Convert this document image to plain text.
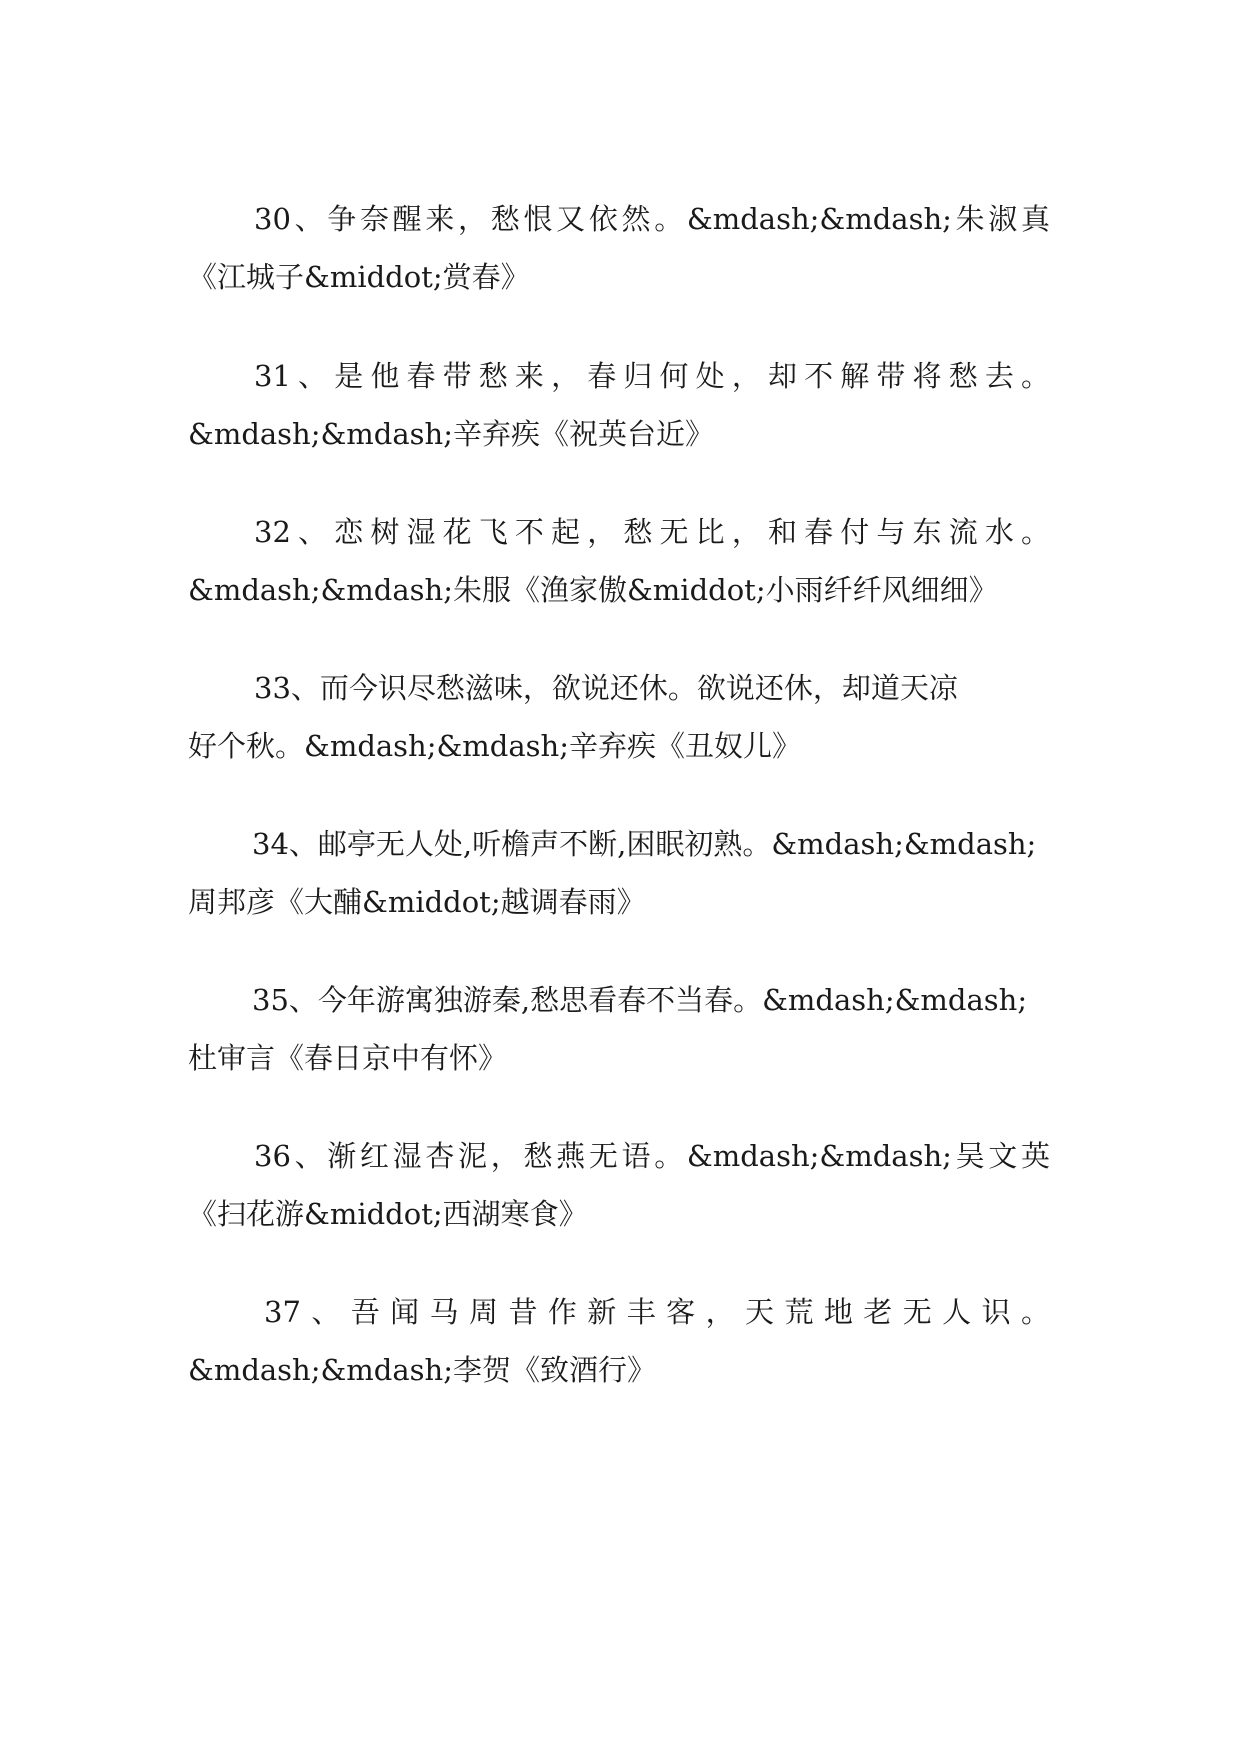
30、争奈醒来，愁恨又依然。&mdash;&mdash;朱淑真
《江城子&middot;赏春》
31、是他春带愁来，春归何处，却不解带将愁去。
&mdash;&mdash;辛弃疾《祝英台近》
32、恋树湿花飞不起，愁无比，和春付与东流水。
&mdash;&mdash;朱服《渔家傲&middot;小雨纤纤风细细》
33、而今识尽愁滋味，欲说还休。欲说还休，却道天凉
好个秋。&mdash;&mdash;辛弃疾《丑奴儿》
34、邮亭无人处,听檐声不断,困眠初熟。&mdash;&mdash;
周邦彦《大酺&middot;越调春雨》
35、今年游寓独游秦,愁思看春不当春。&mdash;&mdash;
杜审言《春日京中有怀》
36、渐红湿杏泥，愁燕无语。&mdash;&mdash;吴文英
《扫花游&middot;西湖寒食》
37、吾闻马周昔作新丰客，天荒地老无人识。
&mdash;&mdash;李贺《致酒行》
